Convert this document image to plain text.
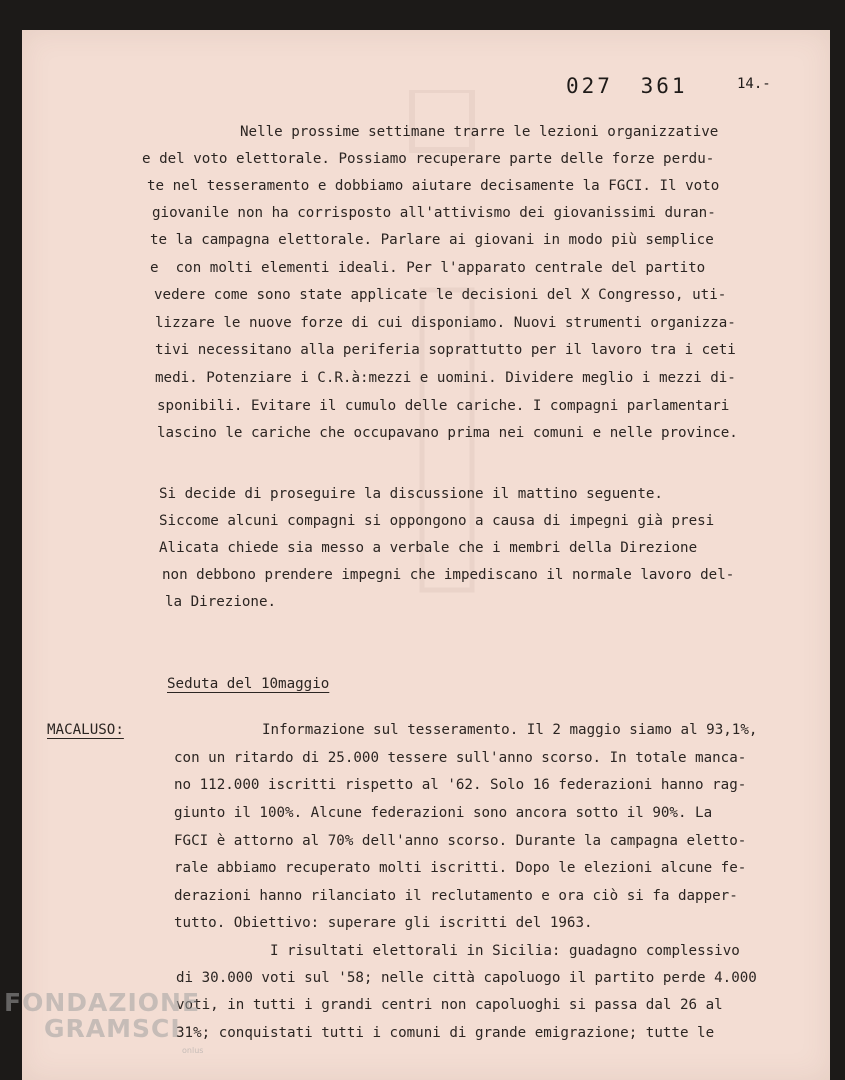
027 361	14.-
Nelle prossime settimane trarre le lezioni organizzative
e del voto elettorale. Possiamo recuperare parte delle forze perdu-
te nel tesseramento e dobbiamo aiutare decisamente la FGCI. Il voto
giovanile non ha corrisposto all'attivismo dei giovanissimi duran-
te la campagna elettorale. Parlare ai giovani in modo più semplice
e  con molti elementi ideali. Per l'apparato centrale del partito
vedere come sono state applicate le decisioni del X Congresso, uti-
lizzare le nuove forze di cui disponiamo. Nuovi strumenti organizza-
tivi necessitano alla periferia soprattutto per il lavoro tra i ceti
medi. Potenziare i C.R.à:mezzi e uomini. Dividere meglio i mezzi di-
sponibili. Evitare il cumulo delle cariche. I compagni parlamentari
lascino le cariche che occupavano prima nei comuni e nelle province.
Si decide di proseguire la discussione il mattino seguente.
Siccome alcuni compagni si oppongono a causa di impegni già presi
Alicata chiede sia messo a verbale che i membri della Direzione
non debbono prendere impegni che impediscano il normale lavoro del-
la Direzione.
Seduta del 10maggio
MACALUSO:	Informazione sul tesseramento. Il 2 maggio siamo al 93,1%,
con un ritardo di 25.000 tessere sull'anno scorso. In totale manca-
no 112.000 iscritti rispetto al '62. Solo 16 federazioni hanno rag-
giunto il 100%. Alcune federazioni sono ancora sotto il 90%. La
FGCI è attorno al 70% dell'anno scorso. Durante la campagna eletto-
rale abbiamo recuperato molti iscritti. Dopo le elezioni alcune fe-
derazioni hanno rilanciato il reclutamento e ora ciò si fa dapper-
tutto. Obiettivo: superare gli iscritti del 1963.
I risultati elettorali in Sicilia: guadagno complessivo
di 30.000 voti sul '58; nelle città capoluogo il partito perde 4.000
voti, in tutti i grandi centri non capoluoghi si passa dal 26 al
31%; conquistati tutti i comuni di grande emigrazione; tutte le
FONDAZIONE
GRAMSCI
onlus
